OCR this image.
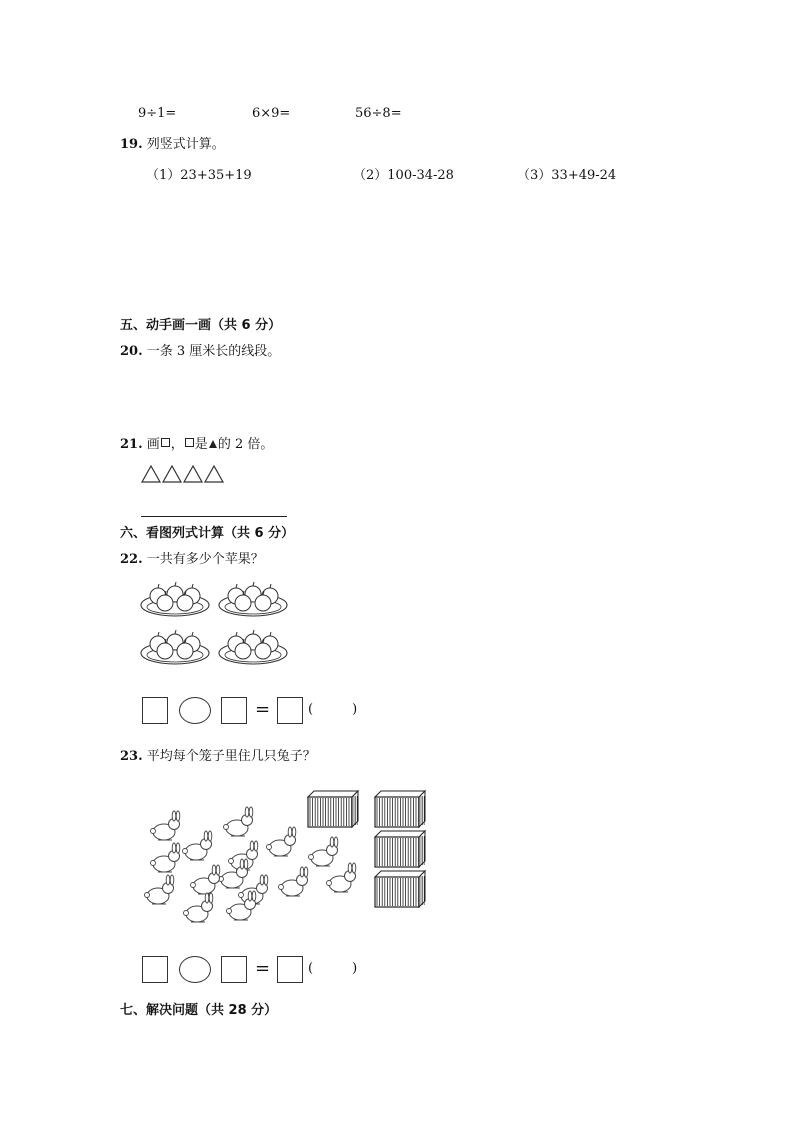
9÷1=	6×9=	56÷8=
19. 列竖式计算。
（1）23+35+19	（2）100-34-28	（3）33+49-24
五、动手画一画（共 6 分）
20. 一条 3 厘米长的线段。
21. 画 ， 是 的 2 倍。
六、看图列式计算（共 6 分）
22. 一共有多少个苹果？
=	(　　　)
23. 平均每个笼子里住几只兔子？
=	(　　　)
七、解决问题（共 28 分）
